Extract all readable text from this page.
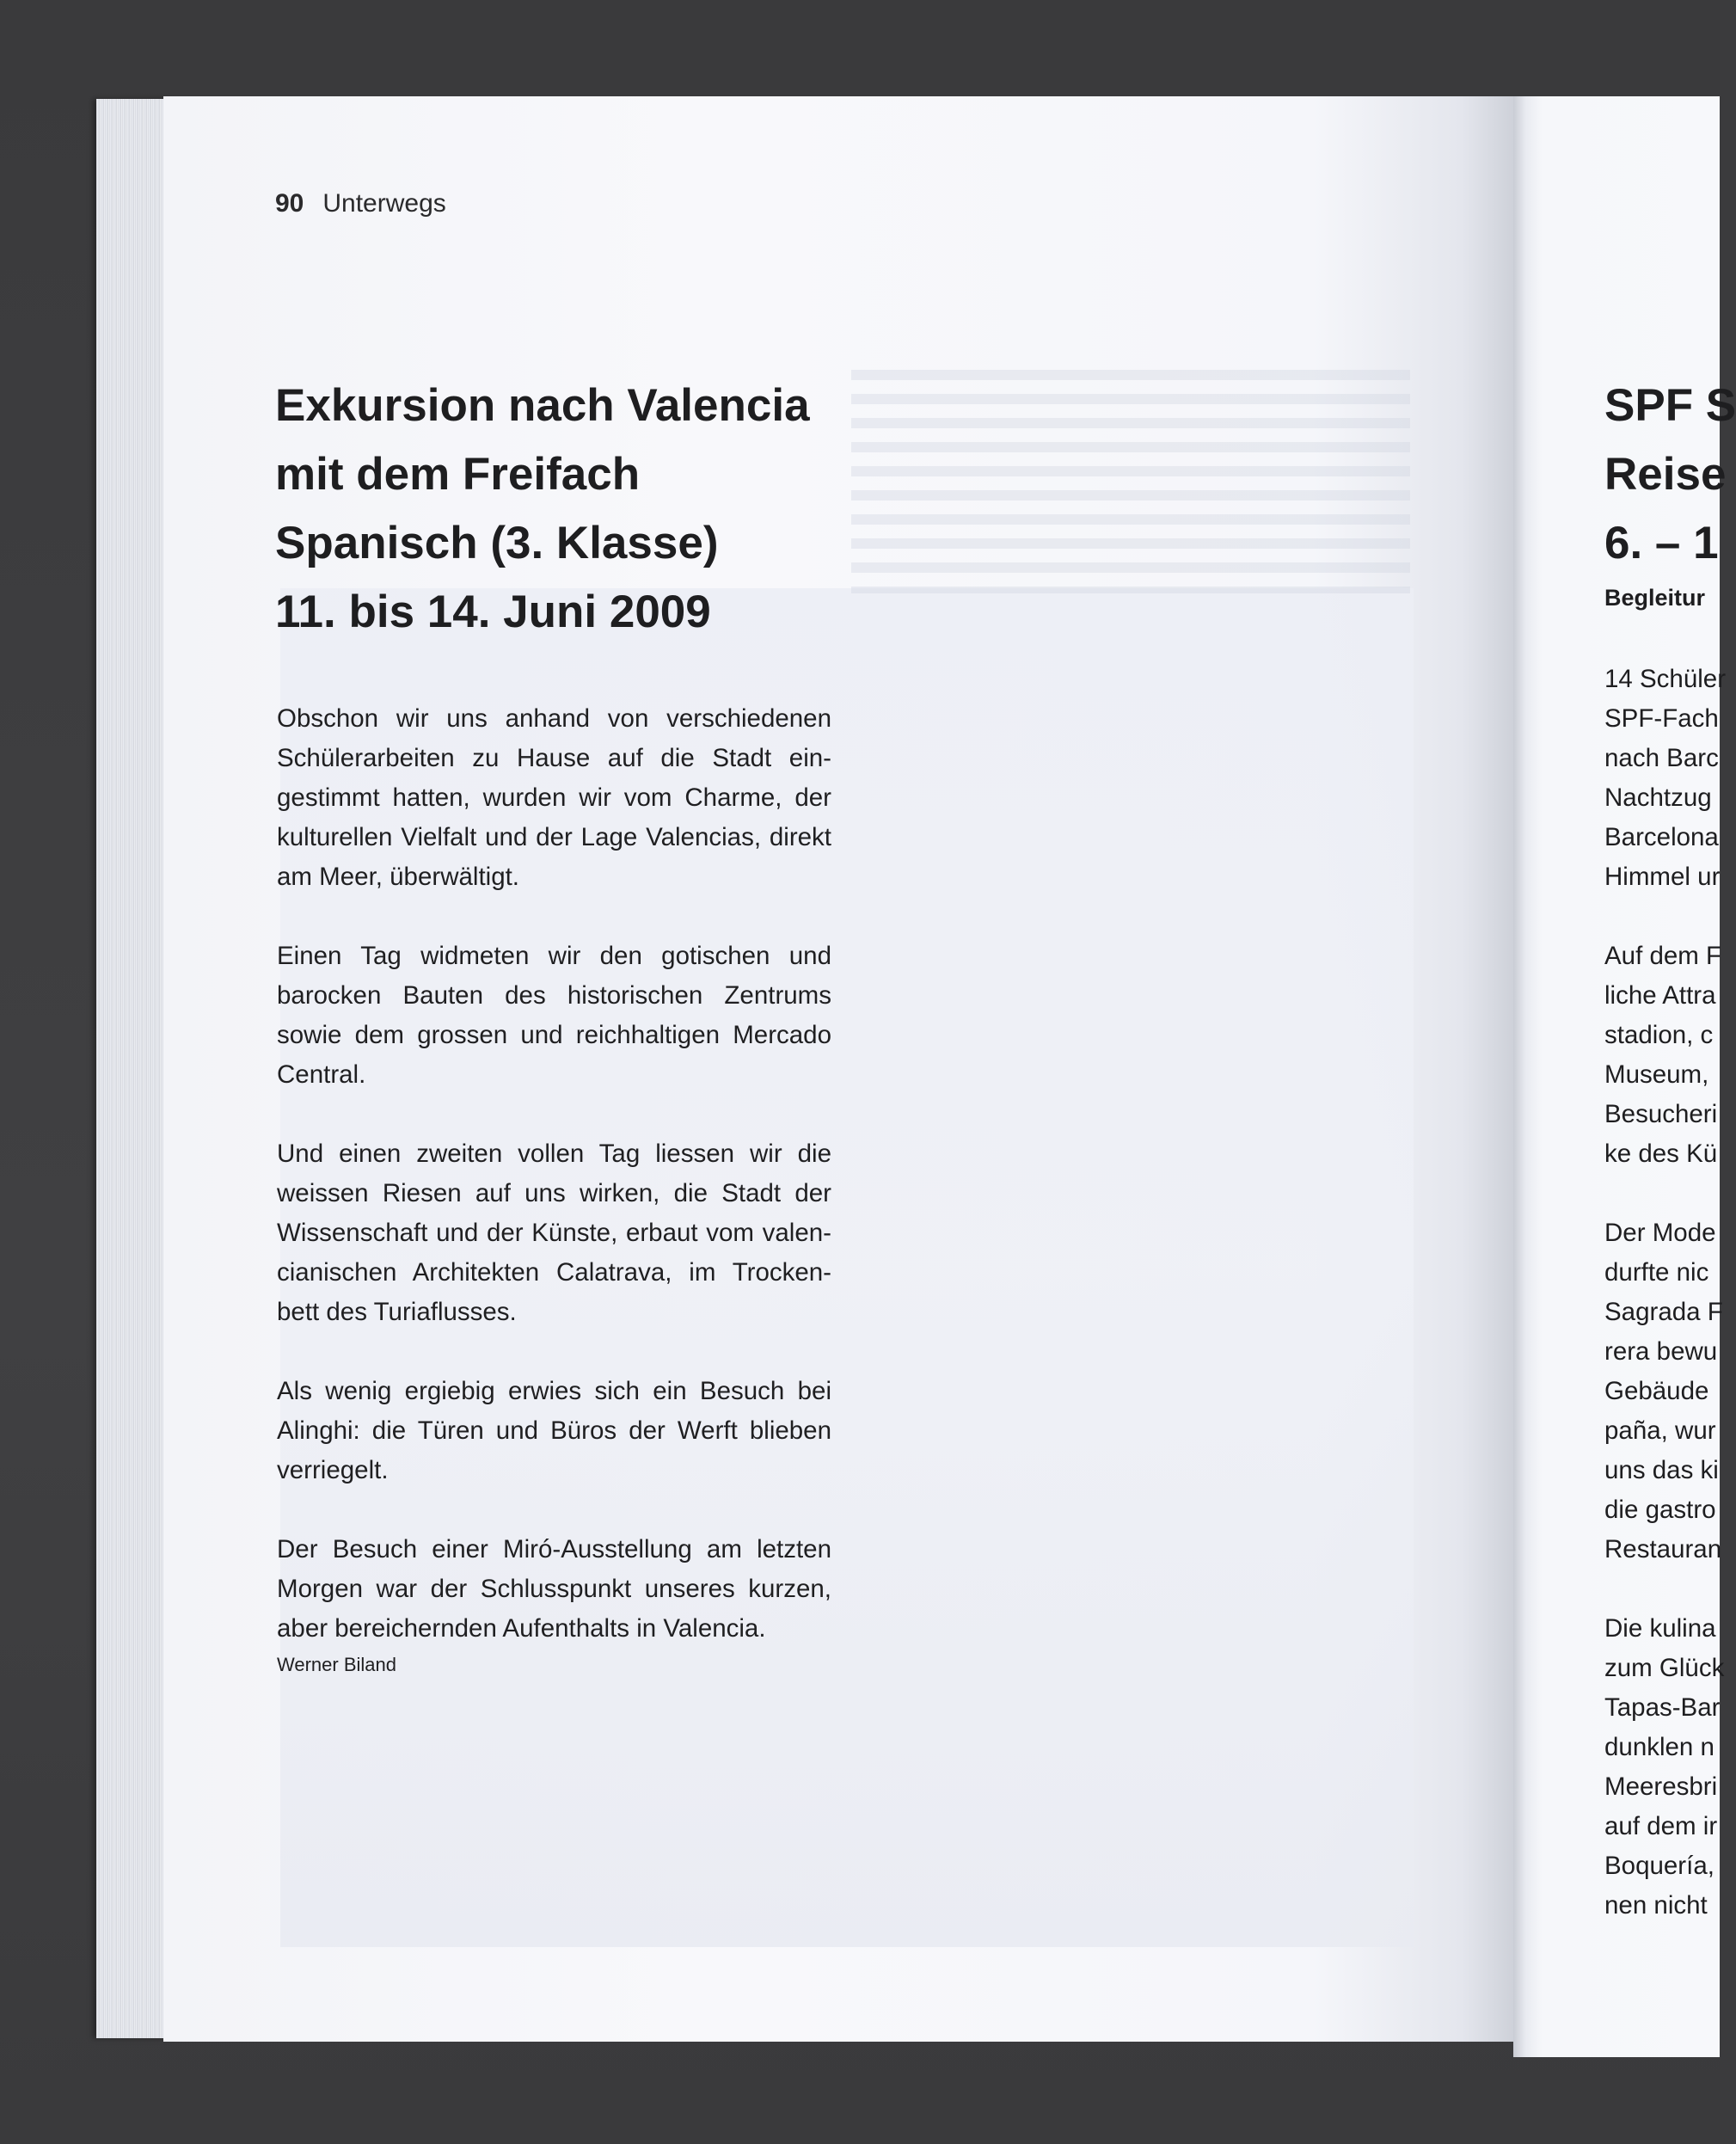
90 Unterwegs
Exkursion nach Valencia
mit dem Freifach
Spanisch (3. Klasse)
11. bis 14. Juni 2009

Obschon wir uns anhand von verschiedenen Schülerarbeiten zu Hause auf die Stadt ein-gestimmt hatten, wurden wir vom Charme, der kulturellen Vielfalt und der Lage Valencias, direkt am Meer, überwältigt.

Einen Tag widmeten wir den gotischen und barocken Bauten des historischen Zentrums sowie dem grossen und reichhaltigen Mercado Central.

Und einen zweiten vollen Tag liessen wir die weissen Riesen auf uns wirken, die Stadt der Wissenschaft und der Künste, erbaut vom valen-cianischen Architekten Calatrava, im Trocken-bett des Turiaflusses.

Als wenig ergiebig erwies sich ein Besuch bei Alinghi: die Türen und Büros der Werft blieben verriegelt.

Der Besuch einer Miró-Ausstellung am letzten Morgen war der Schlusspunkt unseres kurzen, aber bereichernden Aufenthalts in Valencia.

Werner Biland
SPF S
Reise
6. – 1
Begleitur
14 Schüler
SPF-Fach
nach Barc
Nachtzug
Barcelona
Himmel ur
Auf dem F
liche Attra
stadion, c
Museum,
Besucheri
ke des Kü
Der Mode
durfte nic
Sagrada F
rera bewu
Gebäude
paña, wur
uns das ki
die gastro
Restauran
Die kulina
zum Glück
Tapas-Bar
dunklen n
Meeresbri
auf dem ir
Boquería,
nen nicht
